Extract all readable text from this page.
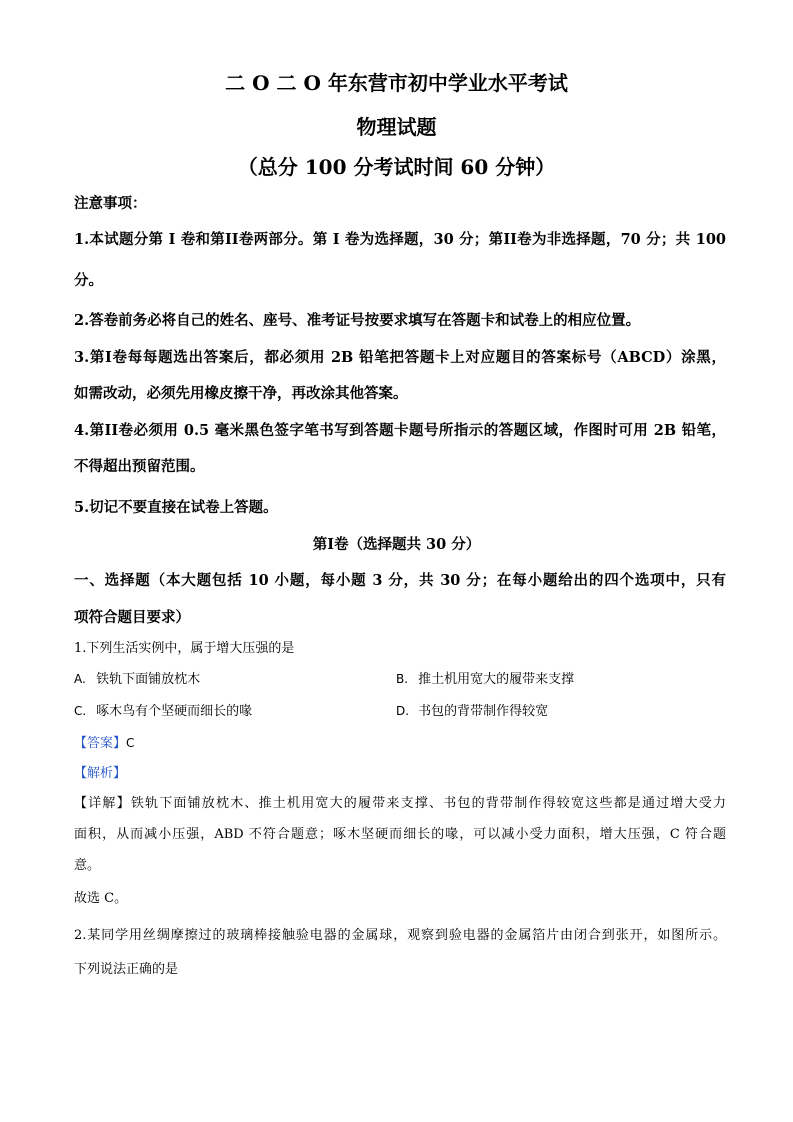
二 O 二 O 年东营市初中学业水平考试
物理试题
（总分 100 分考试时间 60 分钟）
注意事项：
1.本试题分第 I 卷和第II卷两部分。第 I 卷为选择题，30 分；第II卷为非选择题，70 分；共 100
分。
2.答卷前务必将自己的姓名、座号、准考证号按要求填写在答题卡和试卷上的相应位置。
3.第I卷每每题选出答案后，都必须用 2B 铅笔把答题卡上对应题目的答案标号（ABCD）涂黑，
如需改动，必须先用橡皮擦干净，再改涂其他答案。
4.第II卷必须用 0.5 毫米黑色签字笔书写到答题卡题号所指示的答题区域，作图时可用 2B 铅笔，
不得超出预留范围。
5.切记不要直接在试卷上答题。
第I卷（选择题共 30 分）
一、选择题（本大题包括 10 小题，每小题 3 分，共 30 分；在每小题给出的四个选项中，只有
项符合题目要求）
1.下列生活实例中，属于增大压强的是
A. 铁轨下面铺放枕木	B. 推土机用宽大的履带来支撑
C. 啄木鸟有个坚硬而细长的喙	D. 书包的背带制作得较宽
【答案】C
【解析】
【详解】铁轨下面铺放枕木、推土机用宽大的履带来支撑、书包的背带制作得较宽这些都是通过增大受力
面积，从而减小压强，ABD 不符合题意；啄木坚硬而细长的喙，可以减小受力面积，增大压强，C 符合题
意。
故选 C。
2.某同学用丝绸摩擦过的玻璃棒接触验电器的金属球，观察到验电器的金属箔片由闭合到张开，如图所示。
下列说法正确的是
